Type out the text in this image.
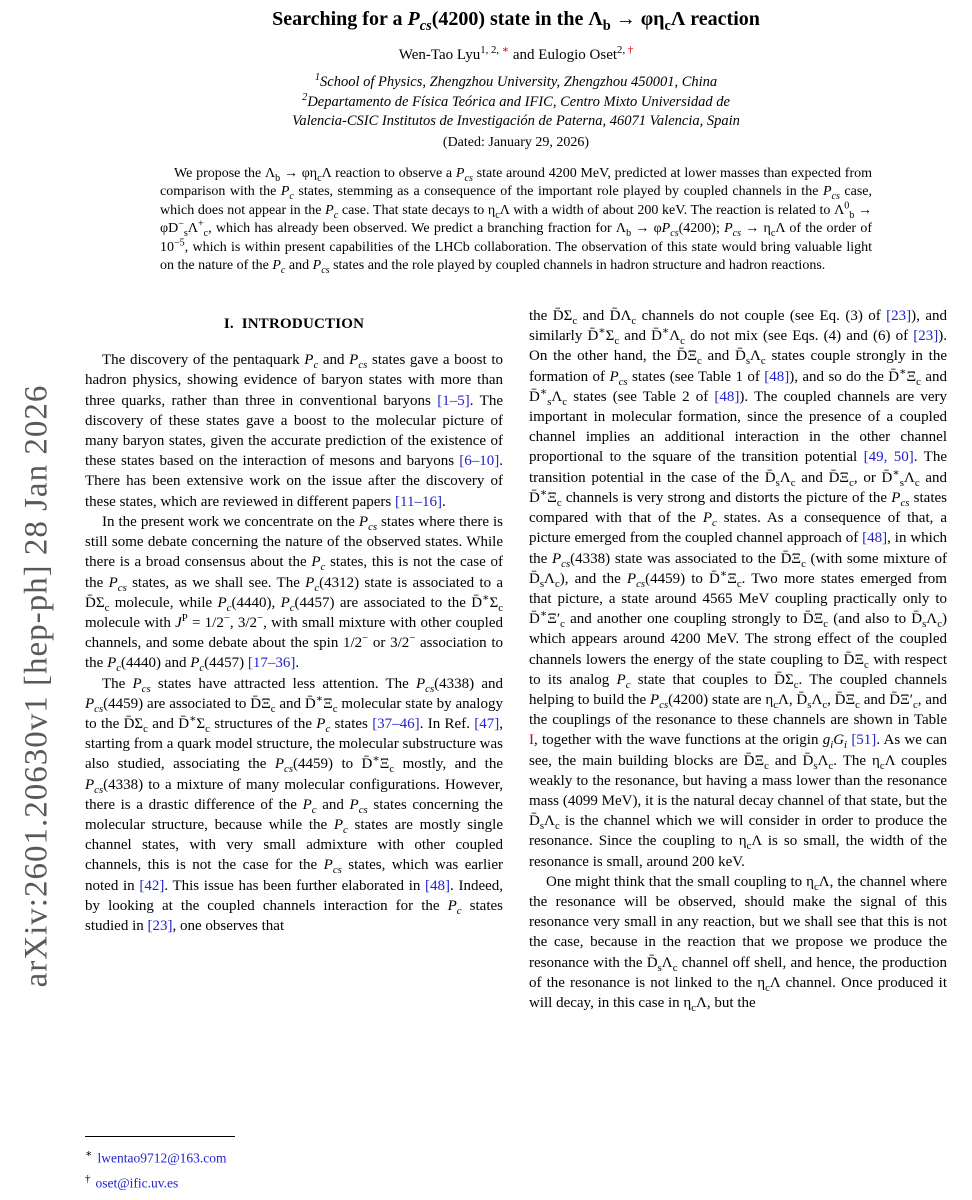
arXiv:2601.20630v1 [hep-ph] 28 Jan 2026
Searching for a $P_{cs}(4200)$ state in the $\Lambda_b \to \varphi\eta_c\Lambda$ reaction
Wen-Tao Lyu$^{1, 2, ∗}$ and Eulogio Oset$^{2, \dagger}$
$^1$School of Physics, Zhengzhou University, Zhengzhou 450001, China
$^2$Departamento de Física Teórica and IFIC, Centro Mixto Universidad de
Valencia-CSIC Institutos de Investigación de Paterna, 46071 Valencia, Spain
(Dated: January 29, 2026)
We propose the $\Lambda_b \to \varphi\eta_c\Lambda$ reaction to observe a $P_{cs}$ state around 4200 MeV, predicted at lower masses than expected from comparison with the $P_c$ states, stemming as a consequence of the important role played by coupled channels in the $P_{cs}$ case, which does not appear in the $P_c$ case. That state decays to $\eta_c\Lambda$ with a width of about 200 keV. The reaction is related to $\Lambda^0_b \to \varphi D^-_s\Lambda^+_c$, which has already been observed. We predict a branching fraction for $\Lambda_b \to \varphi P_{cs}(4200)$; $P_{cs} \to \eta_c\Lambda$ of the order of $10^{-5}$, which is within present capabilities of the LHCb collaboration. The observation of this state would bring valuable light on the nature of the $P_c$ and $P_{cs}$ states and the role played by coupled channels in hadron structure and hadron reactions.
I.  INTRODUCTION

The discovery of the pentaquark $P_c$ and $P_{cs}$ states gave a boost to hadron physics, showing evidence of baryon states with more than three quarks, rather than three in conventional baryons [1–5]. The discovery of these states gave a boost to the molecular picture of many baryon states, given the accurate prediction of the existence of these states based on the interaction of mesons and baryons [6–10]. There has been extensive work on the issue after the discovery of these states, which are reviewed in different papers [11–16].

In the present work we concentrate on the $P_{cs}$ states where there is still some debate concerning the nature of the observed states. While there is a broad consensus about the $P_c$ states, this is not the case of the $P_{cs}$ states, as we shall see. The $P_c(4312)$ state is associated to a $D̄\Sigma_c$ molecule, while $P_c(4440)$, $P_c(4457)$ are associated to the $D̄^∗\Sigma_c$ molecule with $J^P = 1/2^-$, 3/2−, with small mixture with other coupled channels, and some debate about the spin 1/2− or 3/2− association to the $P_c(4440)$ and $P_c(4457)$ [17–36].

The $P_{cs}$ states have attracted less attention. The $P_{cs}(4338)$ and $P_{cs}(4459)$ are associated to $D̄\Xi_c$ and $D̄^∗\Xi_c$ molecular state by analogy to the $D̄\Sigma_c$ and $D̄^∗\Sigma_c$ structures of the $P_c$ states [37–46]. In Ref. [47], starting from a quark model structure, the molecular substructure was also studied, associating the $P_{cs}(4459)$ to $D̄^∗\Xi_c$ mostly, and the $P_{cs}(4338)$ to a mixture of many molecular configurations. However, there is a drastic difference of the $P_c$ and $P_{cs}$ states concerning the molecular structure, because while the $P_c$ states are mostly single channel states, with very small admixture with other coupled channels, this is not the case for the $P_{cs}$ states, which was earlier noted in [42]. This issue has been further elaborated in [48]. Indeed, by looking at the coupled channels interaction for the $P_c$ states studied in [23], one observes that

the $D̄\Sigma_c$ and $D̄\Lambda_c$ channels do not couple (see Eq. (3) of [23]), and similarly $D̄^∗\Sigma_c$ and $D̄^∗\Lambda_c$ do not mix (see Eqs. (4) and (6) of [23]). On the other hand, the $D̄\Xi_c$ and $D̄_s\Lambda_c$ states couple strongly in the formation of $P_{cs}$ states (see Table 1 of [48]), and so do the $D̄^∗\Xi_c$ and $D̄^∗_s\Lambda_c$ states (see Table 2 of [48]). The coupled channels are very important in molecular formation, since the presence of a coupled channel implies an additional interaction in the other channel proportional to the square of the transition potential [49, 50]. The transition potential in the case of the $D̄_s\Lambda_c$ and $D̄\Xi_c$, or $D̄^∗_s\Lambda_c$ and $D̄^∗\Xi_c$ channels is very strong and distorts the picture of the $P_{cs}$ states compared with that of the $P_c$ states. As a consequence of that, a picture emerged from the coupled channel approach of [48], in which the $P_{cs}(4338)$ state was associated to the $D̄\Xi_c$ (with some mixture of $D̄_s\Lambda_c$), and the $P_{cs}(4459)$ to $D̄^∗\Xi_c$. Two more states emerged from that picture, a state around 4565 MeV coupling practically only to $D̄^∗\Xi'_c$ and another one coupling strongly to $D̄\Xi_c$ (and also to $D̄_s\Lambda_c$) which appears around 4200 MeV. The strong effect of the coupled channels lowers the energy of the state coupling to $D̄\Xi_c$ with respect to its analog $P_c$ state that couples to $D̄\Sigma_c$. The coupled channels helping to build the $P_{cs}(4200)$ state are $\eta_c\Lambda$, $D̄_s\Lambda_c$, $D̄\Xi_c$ and $D̄\Xi'_c$, and the couplings of the resonance to these channels are shown in Table I, together with the wave functions at the origin $g_iG_i$ [51]. As we can see, the main building blocks are $D̄\Xi_c$ and $D̄_s\Lambda_c$. The $\eta_c\Lambda$ couples weakly to the resonance, but having a mass lower than the resonance mass (4099 MeV), it is the natural decay channel of that state, but the $D̄_s\Lambda_c$ is the channel which we will consider in order to produce the resonance. Since the coupling to $\eta_c\Lambda$ is so small, the width of the resonance is small, around 200 keV.

One might think that the small coupling to $\eta_c\Lambda$, the channel where the resonance will be observed, should make the signal of this resonance very small in any reaction, but we shall see that this is not the case, because in the reaction that we propose we produce the resonance with the $D̄_s\Lambda_c$ channel off shell, and hence, the production of the resonance is not linked to the $\eta_c\Lambda$ channel. Once produced it will decay, in this case in $\eta_c\Lambda$, but the

∗ lwentao9712@163.com
† oset@ific.uv.es
